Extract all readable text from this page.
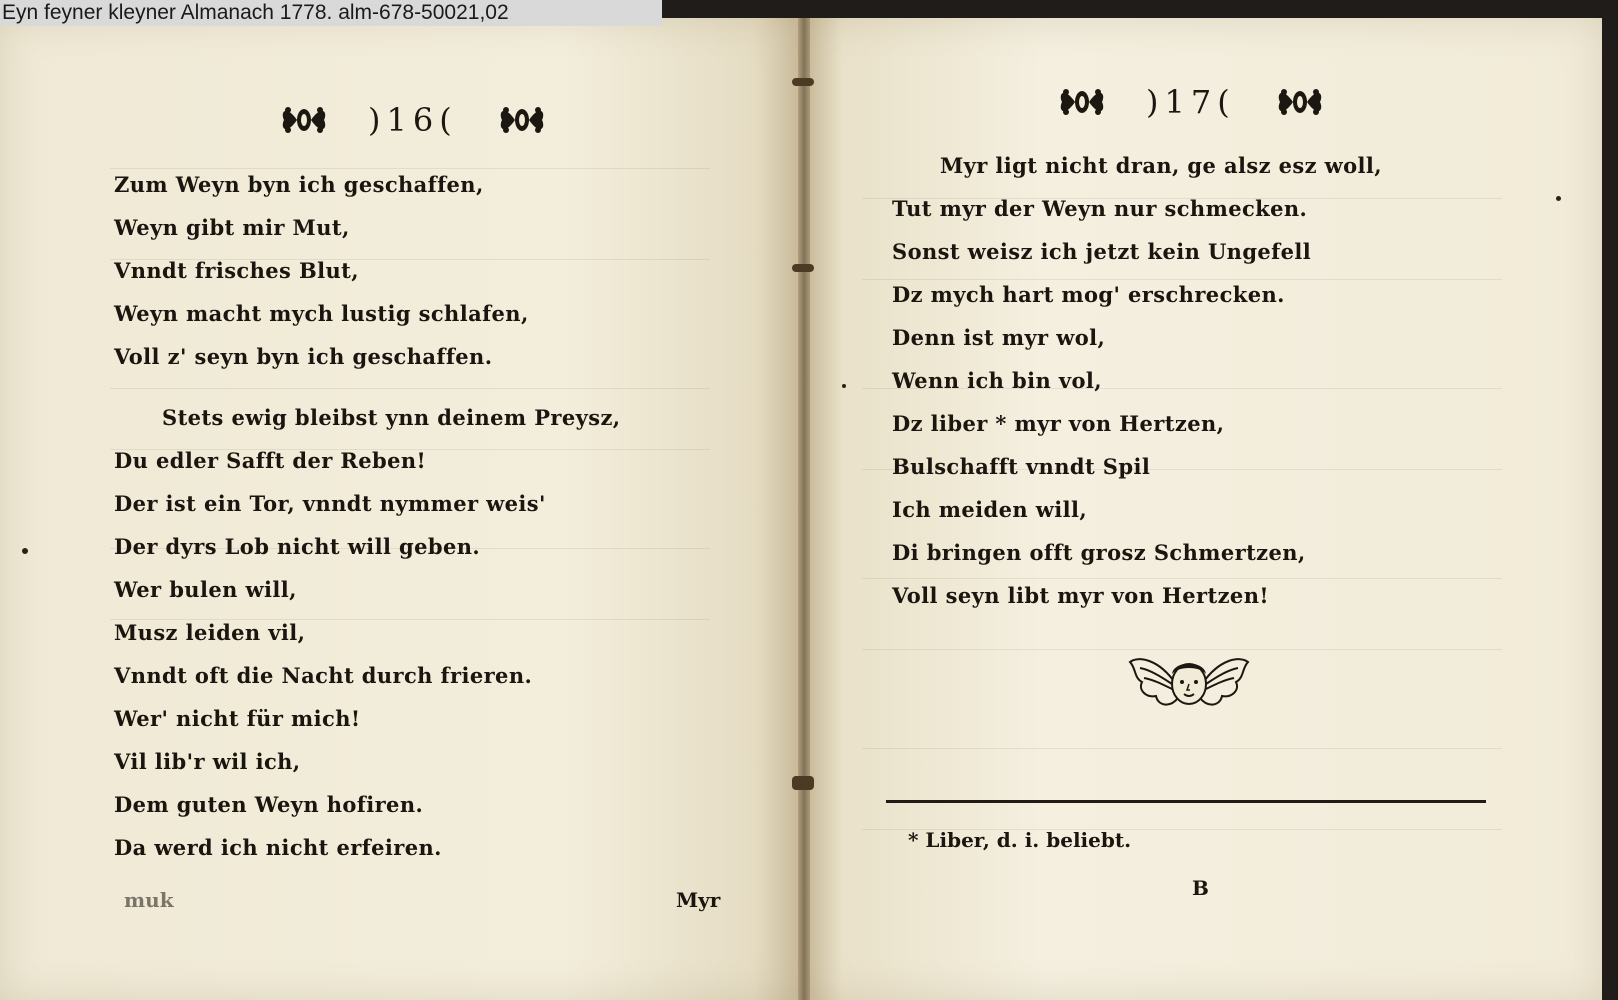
)16(
Zum Weyn byn ich geschaffen,
Weyn gibt mir Mut,
Vnndt frisches Blut,
Weyn macht mych lustig schlafen,
Voll z' seyn byn ich geschaffen.
Stets ewig bleibst ynn deinem Preysz,
Du edler Safft der Reben!
Der ist ein Tor, vnndt nymmer weis'
Der dyrs Lob nicht will geben.
Wer bulen will,
Musz leiden vil,
Vnndt oft die Nacht durch frieren.
Wer' nicht für mich!
Vil lib'r wil ich,
Dem guten Weyn hofiren.
Da werd ich nicht erfeiren.
muk	Myr
)17(
Myr ligt nicht dran, ge alsz esz woll,
Tut myr der Weyn nur schmecken.
Sonst weisz ich jetzt kein Ungefell
Dz mych hart mog' erschrecken.
Denn ist myr wol,
Wenn ich bin vol,
Dz liber * myr von Hertzen,
Bulschafft vnndt Spil
Ich meiden will,
Di bringen offt grosz Schmertzen,
Voll seyn libt myr von Hertzen!
* Liber, d. i. beliebt.
B
Eyn feyner kleyner Almanach 1778. alm-678-50021,02
